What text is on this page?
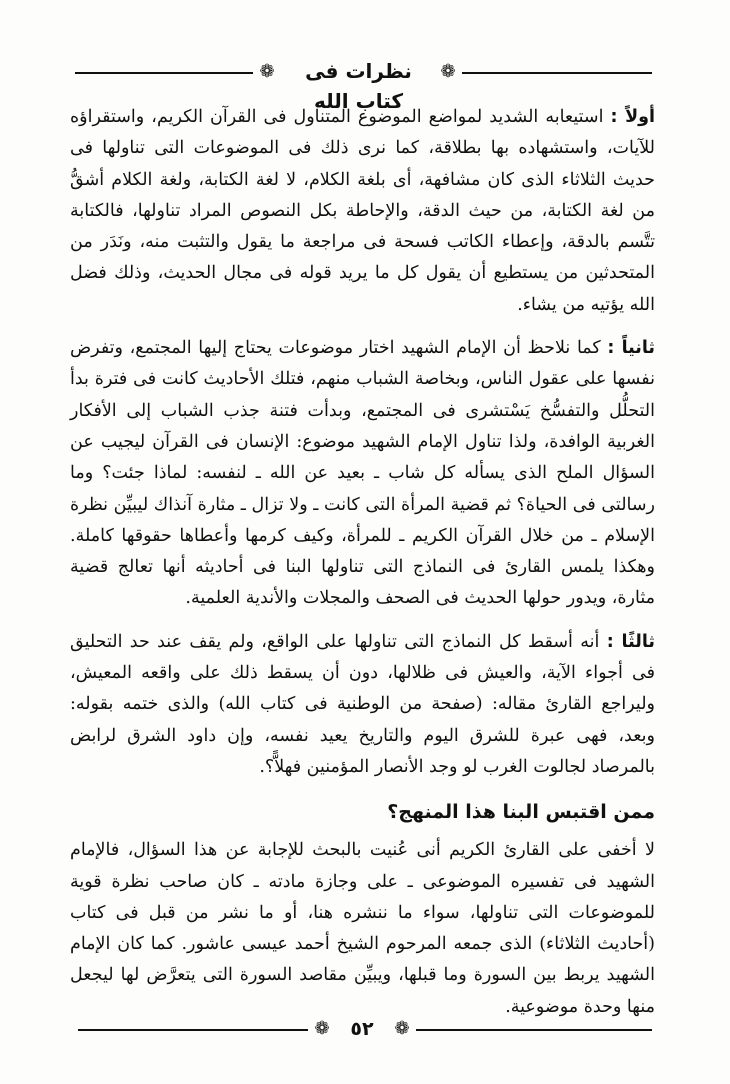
❁	نظرات فى كتاب الله
❁

أولاً : استيعابه الشديد لمواضع الموضوع المتناول فى القرآن الكريم، واستقراؤه للآيات، واستشهاده بها بطلاقة، كما نرى ذلك فى الموضوعات التى تناولها فى حديث الثلاثاء الذى كان مشافهة، أى بلغة الكلام، لا لغة الكتابة، ولغة الكلام أشقُّ من لغة الكتابة، من حيث الدقة، والإحاطة بكل النصوص المراد تناولها، فالكتابة تتَّسم بالدقة، وإعطاء الكاتب فسحة فى مراجعة ما يقول والتثبت منه، ونَدَر من المتحدثين من يستطيع أن يقول كل ما يريد قوله فى مجال الحديث، وذلك فضل الله يؤتيه من يشاء.

ثانياً : كما نلاحظ أن الإمام الشهيد اختار موضوعات يحتاج إليها المجتمع، وتفرض نفسها على عقول الناس، وبخاصة الشباب منهم، فتلك الأحاديث كانت فى فترة بدأ التحلُّل والتفسُّخ يَسْتشرى فى المجتمع، وبدأت فتنة جذب الشباب إلى الأفكار الغربية الوافدة، ولذا تناول الإمام الشهيد موضوع: الإنسان فى القرآن ليجيب عن السؤال الملح الذى يسأله كل شاب ـ بعيد عن الله ـ لنفسه: لماذا جئت؟ وما رسالتى فى الحياة؟ ثم قضية المرأة التى كانت ـ ولا تزال ـ مثارة آنذاك ليبيِّن نظرة الإسلام ـ من خلال القرآن الكريم ـ للمرأة، وكيف كرمها وأعطاها حقوقها كاملة. وهكذا يلمس القارئ فى النماذج التى تناولها البنا فى أحاديثه أنها تعالج قضية مثارة، ويدور حولها الحديث فى الصحف والمجلات والأندية العلمية.

ثالثًا : أنه أسقط كل النماذج التى تناولها على الواقع، ولم يقف عند حد التحليق فى أجواء الآية، والعيش فى ظلالها، دون أن يسقط ذلك على واقعه المعيش، وليراجع القارئ مقاله: (صفحة من الوطنية فى كتاب الله) والذى ختمه بقوله: وبعد، فهى عبرة للشرق اليوم والتاريخ يعيد نفسه، وإن داود الشرق لرابض بالمرصاد لجالوت الغرب لو وجد الأنصار المؤمنين فهلاًّ؟.

ممن اقتبس البنا هذا المنهج؟

لا أخفى على القارئ الكريم أنى عُنيت بالبحث للإجابة عن هذا السؤال، فالإمام الشهيد فى تفسيره الموضوعى ـ على وجازة مادته ـ كان صاحب نظرة قوية للموضوعات التى تناولها، سواء ما ننشره هنا، أو ما نشر من قبل فى كتاب (أحاديث الثلاثاء) الذى جمعه المرحوم الشيخ أحمد عيسى عاشور. كما كان الإمام الشهيد يربط بين السورة وما قبلها، ويبيِّن مقاصد السورة التى يتعرَّض لها ليجعل منها وحدة موضوعية.

❁	٥٢	❁
